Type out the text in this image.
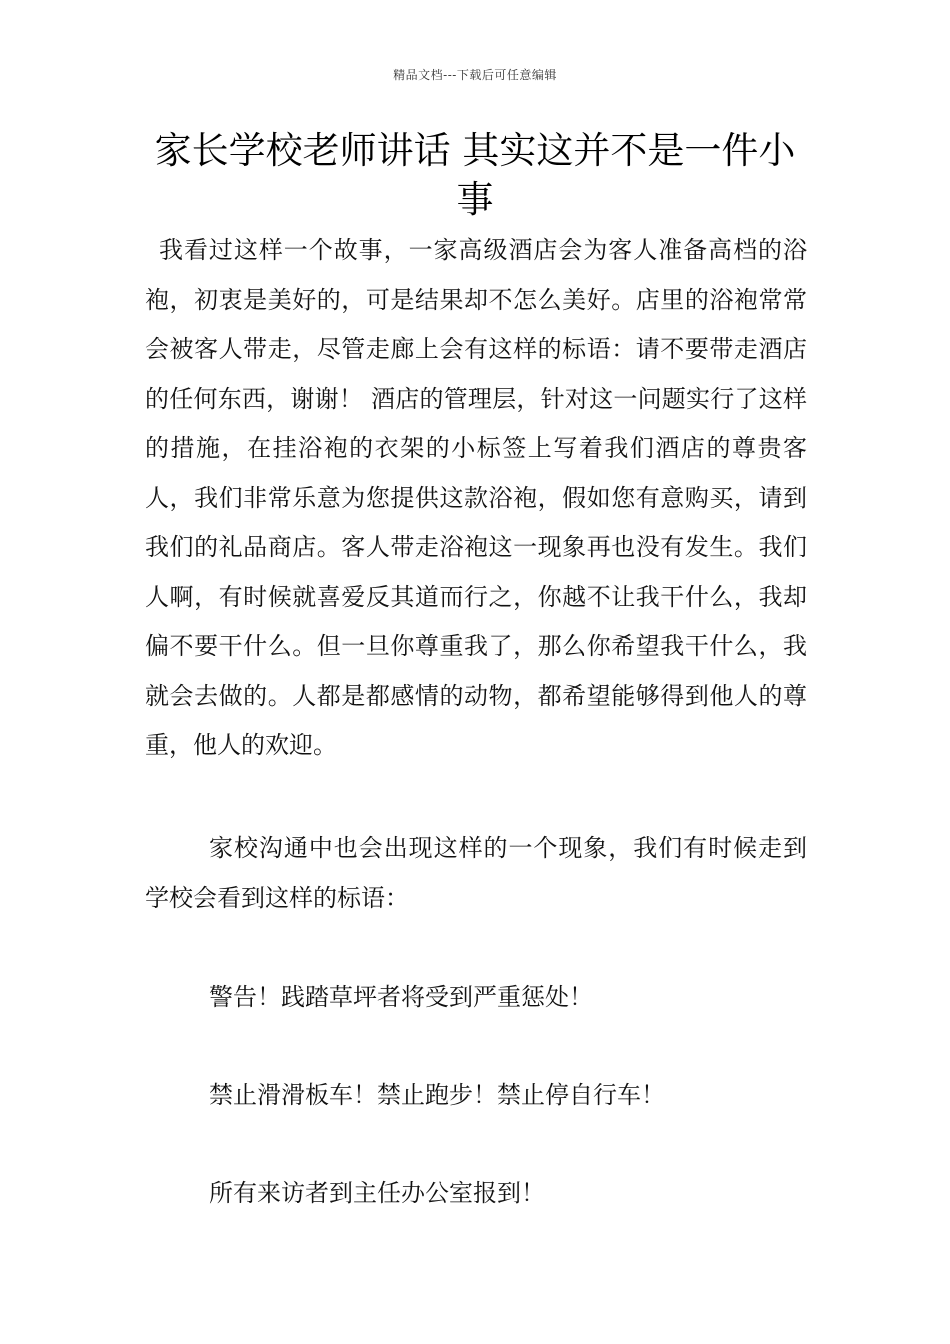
精品文档---下载后可任意编辑
家长学校老师讲话 其实这并不是一件小事

我看过这样一个故事，一家高级酒店会为客人准备高档的浴袍，初衷是美好的，可是结果却不怎么美好。店里的浴袍常常会被客人带走，尽管走廊上会有这样的标语：请不要带走酒店的任何东西，谢谢！ 酒店的管理层，针对这一问题实行了这样的措施，在挂浴袍的衣架的小标签上写着我们酒店的尊贵客人，我们非常乐意为您提供这款浴袍，假如您有意购买，请到我们的礼品商店。客人带走浴袍这一现象再也没有发生。我们人啊，有时候就喜爱反其道而行之，你越不让我干什么，我却偏不要干什么。但一旦你尊重我了，那么你希望我干什么，我就会去做的。人都是都感情的动物，都希望能够得到他人的尊重，他人的欢迎。

家校沟通中也会出现这样的一个现象，我们有时候走到学校会看到这样的标语：

警告！践踏草坪者将受到严重惩处！

禁止滑滑板车！禁止跑步！禁止停自行车！

所有来访者到主任办公室报到！
